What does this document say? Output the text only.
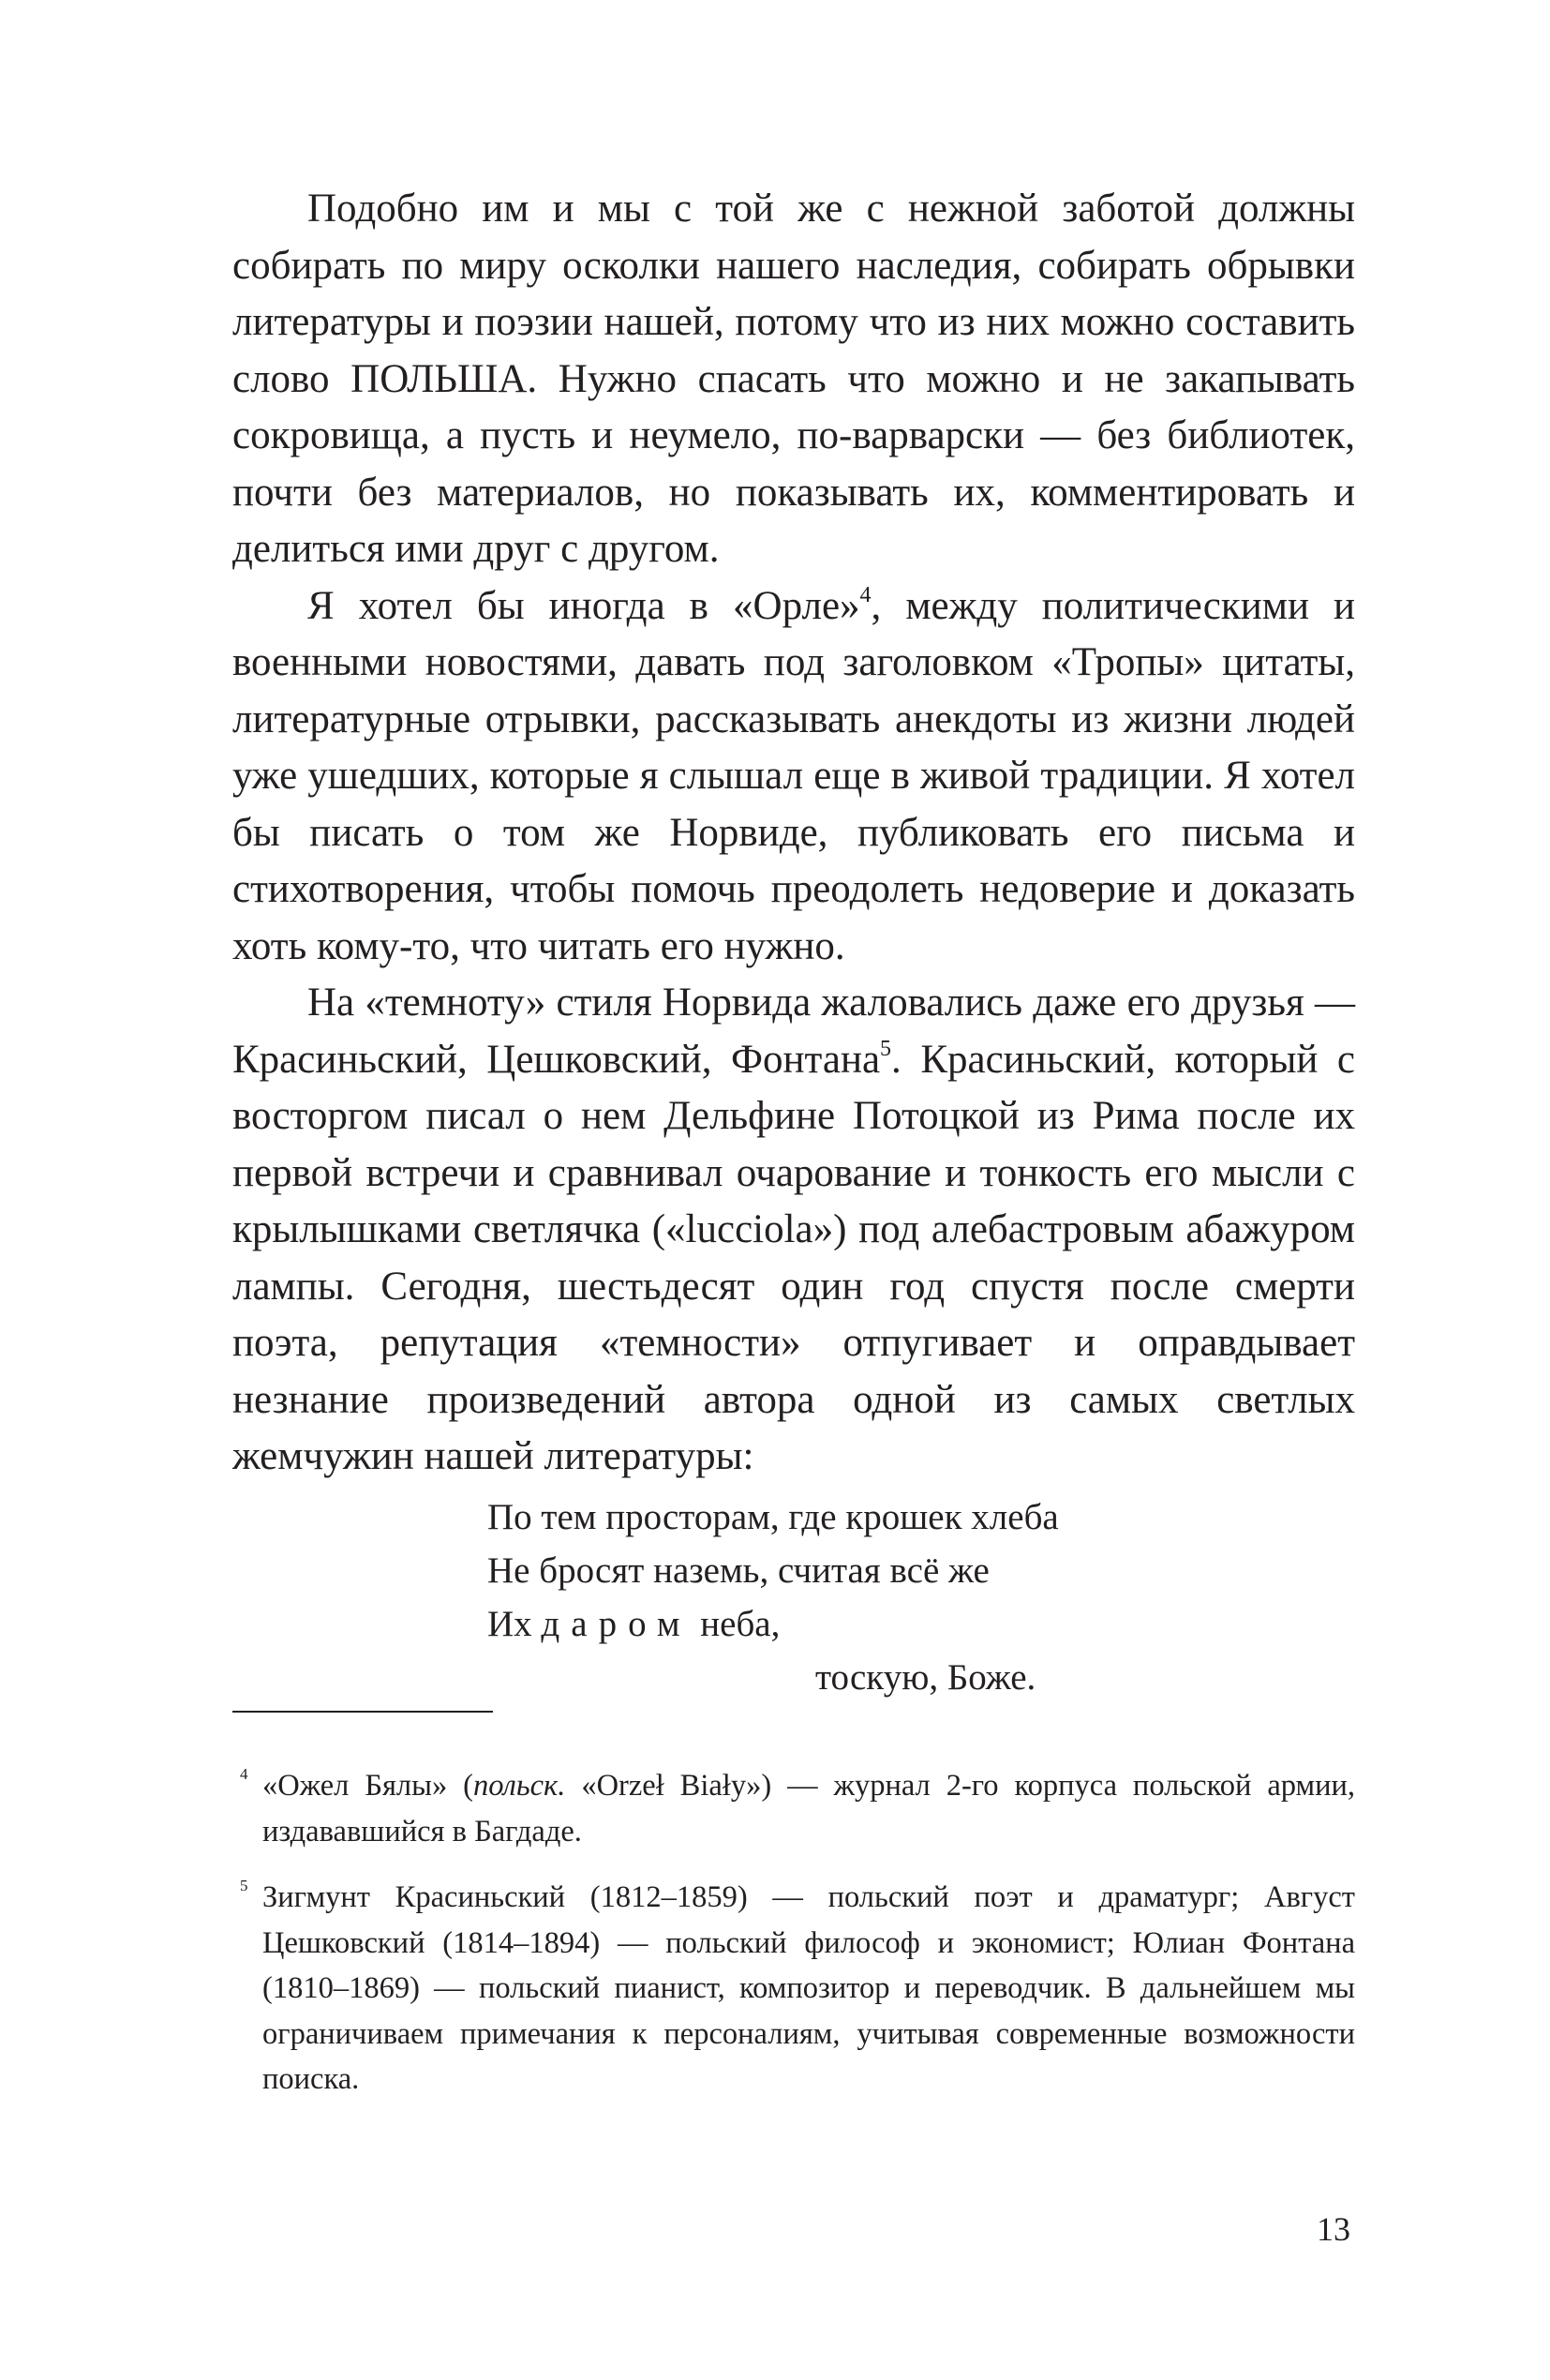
Подобно им и мы с той же с нежной заботой должны собирать по миру осколки нашего наследия, собирать обрывки литературы и поэзии нашей, потому что из них можно составить слово ПОЛЬША. Нужно спасать что можно и не закапывать сокровища, а пусть и неумело, по-варварски — без библиотек, почти без материалов, но показывать их, комментировать и делиться ими друг с другом.

Я хотел бы иногда в «Орле»$^4$, между политическими и военными новостями, давать под заголовком «Тропы» цитаты, литературные отрывки, рассказывать анекдоты из жизни людей уже ушедших, которые я слышал еще в живой традиции. Я хотел бы писать о том же Норвиде, публиковать его письма и стихотворения, чтобы помочь преодолеть недоверие и доказать хоть кому-то, что читать его нужно.

На «темноту» стиля Норвида жаловались даже его друзья — Красиньский, Цешковский, Фонтана$^5$. Красиньский, который с восторгом писал о нем Дельфине Потоцкой из Рима после их первой встречи и сравнивал очарование и тонкость его мысли с крылышками светлячка («lucciola») под алебастровым абажуром лампы. Сегодня, шестьдесят один год спустя после смерти поэта, репутация «темности» отпугивает и оправдывает незнание произведений автора одной из самых светлых жемчужин нашей литературы:

По тем просторам, где крошек хлеба
Не бросят наземь, считая всё же
Их даром неба,
тоскую, Боже.

4 «Ожел Бялы» (польск. «Orzeł Biały») — журнал 2-го корпуса польской армии, издававшийся в Багдаде.

5 Зигмунт Красиньский (1812–1859) — польский поэт и драматург; Август Цешковский (1814–1894) — польский философ и экономист; Юлиан Фонтана (1810–1869) — польский пианист, композитор и переводчик. В дальнейшем мы ограничиваем примечания к персоналиям, учитывая современные возможности поиска.

13
